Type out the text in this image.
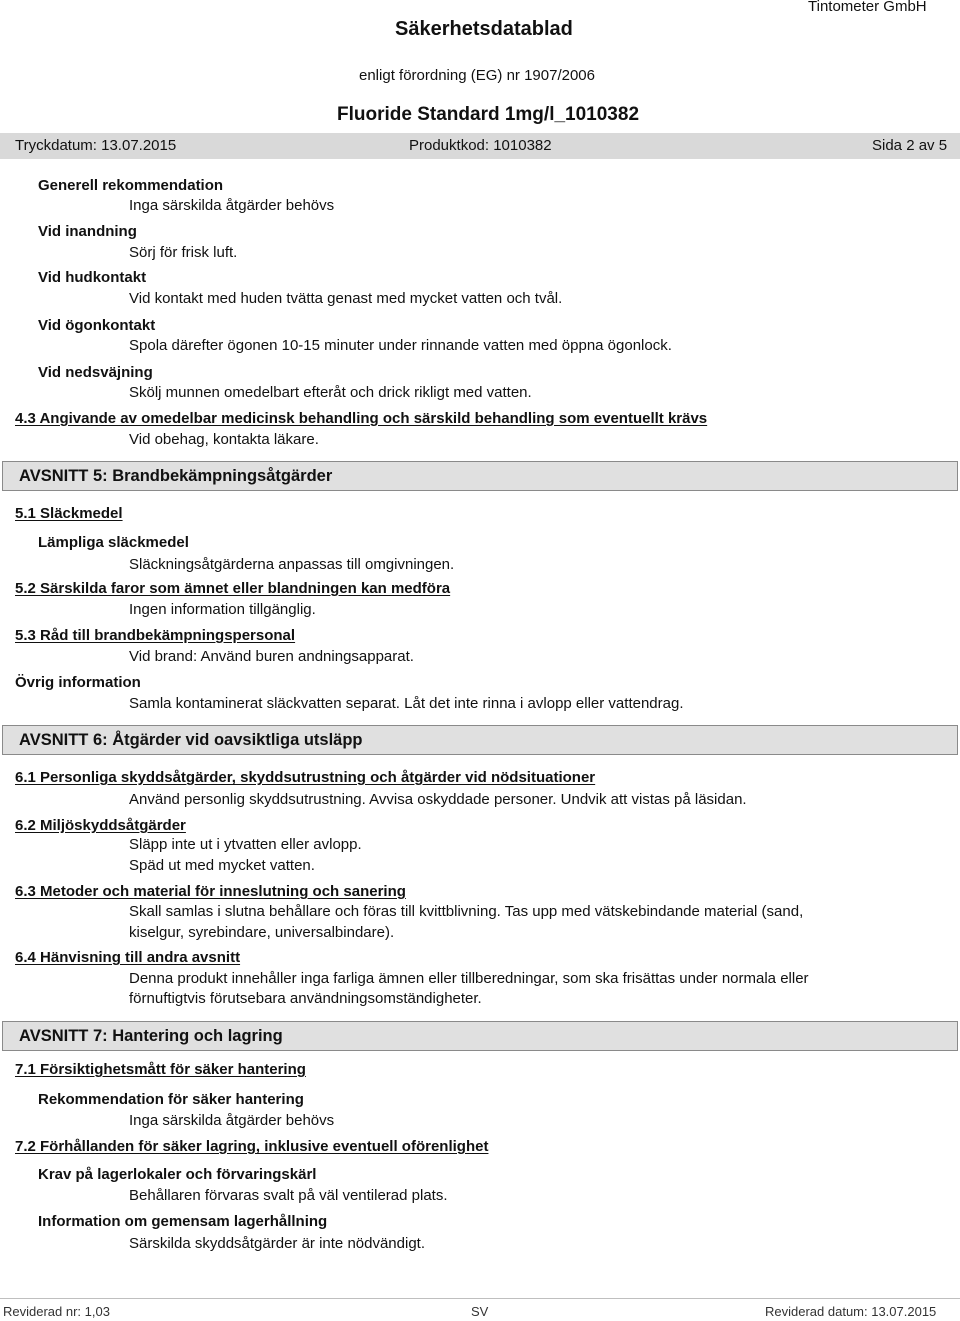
Säkerhetsdatablad
Tintometer GmbH
enligt förordning (EG) nr 1907/2006
Fluoride Standard 1mg/l_1010382
Tryckdatum: 13.07.2015	Produktkod: 1010382	Sida 2 av 5
Generell rekommendation
Inga särskilda åtgärder behövs
Vid inandning
Sörj för frisk luft.
Vid hudkontakt
Vid kontakt med huden tvätta genast med mycket vatten och tvål.
Vid ögonkontakt
Spola därefter ögonen 10-15 minuter under rinnande vatten med öppna ögonlock.
Vid nedsväjning
Skölj munnen omedelbart efteråt och drick rikligt med vatten.
4.3 Angivande av omedelbar medicinsk behandling och särskild behandling som eventuellt krävs
Vid obehag, kontakta läkare.
AVSNITT 5: Brandbekämpningsåtgärder
5.1 Släckmedel
Lämpliga släckmedel
Släckningsåtgärderna anpassas till omgivningen.
5.2 Särskilda faror som ämnet eller blandningen kan medföra
Ingen information tillgänglig.
5.3 Råd till brandbekämpningspersonal
Vid brand: Använd buren andningsapparat.
Övrig information
Samla kontaminerat släckvatten separat. Låt det inte rinna i avlopp eller vattendrag.
AVSNITT 6: Åtgärder vid oavsiktliga utsläpp
6.1 Personliga skyddsåtgärder, skyddsutrustning och åtgärder vid nödsituationer
Använd personlig skyddsutrustning. Avvisa oskyddade personer. Undvik att vistas på läsidan.
6.2 Miljöskyddsåtgärder
Släpp inte ut i ytvatten eller avlopp.
Späd ut med mycket vatten.
6.3 Metoder och material för inneslutning och sanering
Skall samlas i slutna behållare och föras till kvittblivning. Tas upp med vätskebindande material (sand,
kiselgur, syrebindare, universalbindare).
6.4 Hänvisning till andra avsnitt
Denna produkt innehåller inga farliga ämnen eller tillberedningar, som ska frisättas under normala eller
förnuftigtvis förutsebara användningsomständigheter.
AVSNITT 7: Hantering och lagring
7.1 Försiktighetsmått för säker hantering
Rekommendation för säker hantering
Inga särskilda åtgärder behövs
7.2 Förhållanden för säker lagring, inklusive eventuell oförenlighet
Krav på lagerlokaler och förvaringskärl
Behållaren förvaras svalt på väl ventilerad plats.
Information om gemensam lagerhållning
Särskilda skyddsåtgärder är inte nödvändigt.
Reviderad nr: 1,03	SV	Reviderad datum: 13.07.2015
